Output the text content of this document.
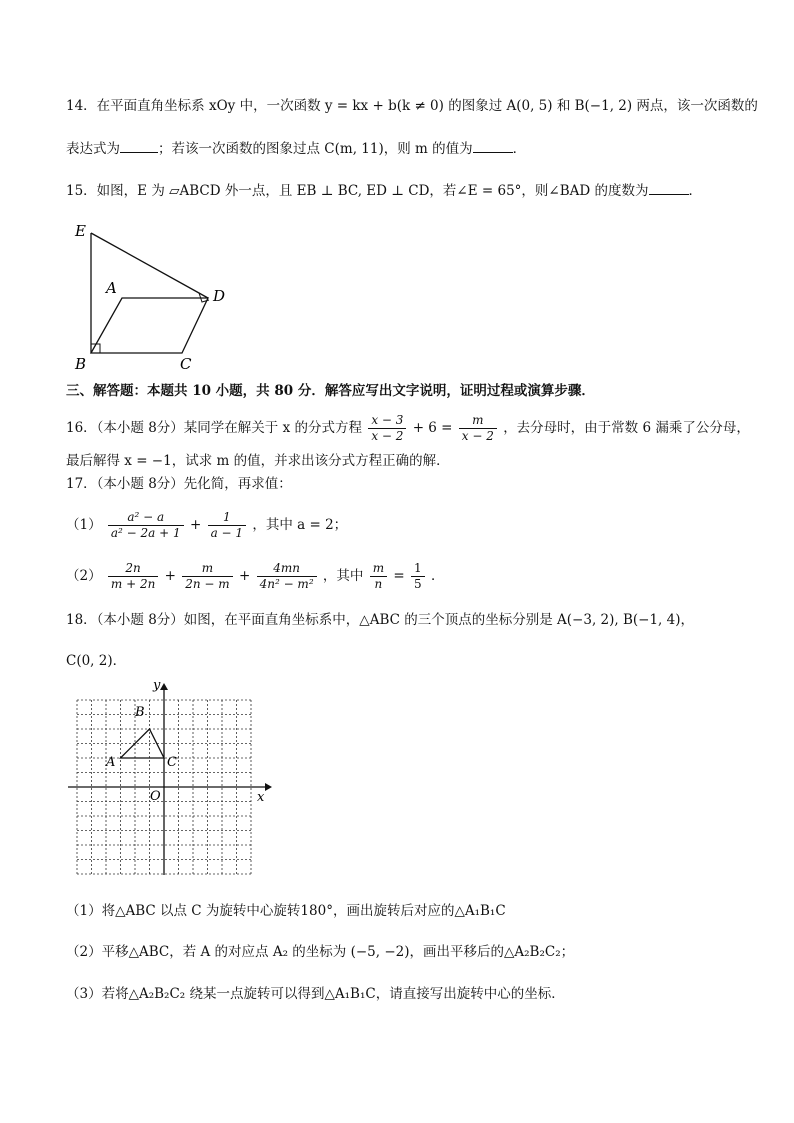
14．在平面直角坐标系 xOy 中，一次函数 y = kx + b(k ≠ 0) 的图象过 A(0, 5) 和 B(−1, 2) 两点，该一次函数的
表达式为	；若该一次函数的图象过点 C(m, 11)，则 m 的值为	．
15．如图，E 为 ▱ABCD 外一点，且 EB ⊥ BC, ED ⊥ CD，若∠E = 65°，则∠BAD 的度数为	．
E
A	D
B	C
三、解答题：本题共 10 小题，共 80 分．解答应写出文字说明，证明过程或演算步骤．
16．（本小题 8分）某同学在解关于 x 的分式方程 $\frac{x - 3}{x - 2} + 6 = \frac{m}{x - 2}$ ，去分母时，由于常数 6 漏乘了公分母，
最后解得 x = −1，试求 m 的值，并求出该分式方程正确的解．
17．（本小题 8分）先化简，再求值：
$(1) \frac{\text{a² − a}}{\text{a² − 2a + 1}} + \frac{1}{a - 1}$ ，其中 a = 2；
$(2) \frac{2n}{m + 2n} + \frac{m}{2n - m} + \frac{4mn}{\text{4n² − m²}}$ ，其中 $\frac{m}{n} = \frac{1}{5}$ ．
18．（本小题 8分）如图，在平面直角坐标系中，△ABC 的三个顶点的坐标分别是 A(−3, 2), B(−1, 4)，
C(0, 2)．
y
x
O
A
B
C
（1）将△ABC 以点 C 为旋转中心旋转180°，画出旋转后对应的△A₁B₁C
（2）平移△ABC，若 A 的对应点 A₂ 的坐标为 (−5, −2)，画出平移后的△A₂B₂C₂；
（3）若将△A₂B₂C₂ 绕某一点旋转可以得到△A₁B₁C，请直接写出旋转中心的坐标．
